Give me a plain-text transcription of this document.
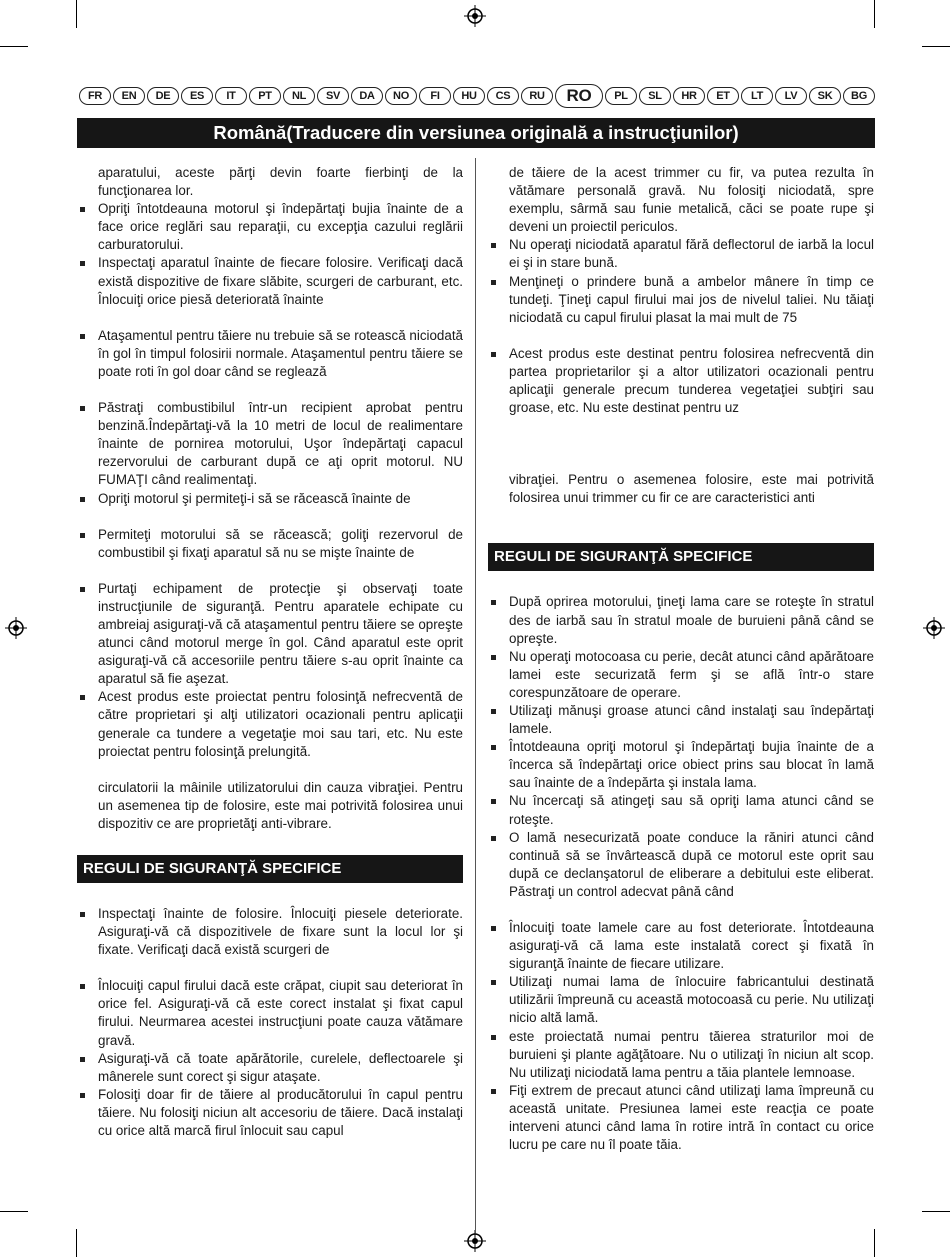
FR	EN	DE	ES	IT	PT	NL	SV	DA	NO	FI	HU	CS	RU	RO	PL	SL	HR	ET	LT	LV	SK	BG
Română(Traducere din versiunea originală a instrucţiunilor)
aparatului, aceste părţi devin foarte fierbinţi de la funcţionarea lor.
Opriţi întotdeauna motorul şi îndepărtaţi bujia înainte de a face orice reglări sau reparaţii, cu excepţia cazului reglării carburatorului.
Inspectaţi aparatul înainte de fiecare folosire. Verificaţi dacă există dispozitive de fixare slăbite, scurgeri de carburant, etc. Înlocuiţi orice piesă deteriorată înainte
Ataşamentul pentru tăiere nu trebuie să se rotească niciodată în gol în timpul folosirii normale. Ataşamentul pentru tăiere se poate roti în gol doar când se reglează
Păstraţi combustibilul într-un recipient aprobat pentru benzină.Îndepărtaţi-vă la 10 metri de locul de realimentare înainte de pornirea motorului, Uşor îndepărtaţi capacul rezervorului de carburant după ce aţi oprit motorul. NU FUMAŢI când realimentaţi.
Opriţi motorul şi permiteţi-i să se răcească înainte de
Permiteţi motorului să se răcească; goliţi rezervorul de combustibil şi fixaţi aparatul să nu se mişte înainte de
Purtaţi echipament de protecţie şi observaţi toate instrucţiunile de siguranţă. Pentru aparatele echipate cu ambreiaj asiguraţi-vă că ataşamentul pentru tăiere se opreşte atunci când motorul merge în gol. Când aparatul este oprit asiguraţi-vă că accesoriile pentru tăiere s-au oprit înainte ca aparatul să fie aşezat.
Acest produs este proiectat pentru folosinţă nefrecventă de către proprietari şi alţi utilizatori ocazionali pentru aplicaţii generale ca tundere a vegetaţie moi sau tari, etc. Nu este proiectat pentru folosinţă prelungită.
circulatorii la mâinile utilizatorului din cauza vibraţiei. Pentru un asemenea tip de folosire, este mai potrivită folosirea unui dispozitiv ce are proprietăţi anti-vibrare.
REGULI DE SIGURANŢĂ SPECIFICE
Inspectaţi înainte de folosire. Înlocuiţi piesele deteriorate. Asiguraţi-vă că dispozitivele de fixare sunt la locul lor şi fixate. Verificaţi dacă există scurgeri de
Înlocuiţi capul firului dacă este crăpat, ciupit sau deteriorat în orice fel. Asiguraţi-vă că este corect instalat şi fixat capul firului. Neurmarea acestei instrucţiuni poate cauza vătămare gravă.
Asiguraţi-vă că toate apărătorile, curelele, deflectoarele şi mânerele sunt corect şi sigur ataşate.
Folosiţi doar fir de tăiere al producătorului în capul pentru tăiere. Nu folosiţi niciun alt accesoriu de tăiere. Dacă instalaţi cu orice altă marcă firul înlocuit sau capul
de tăiere de la acest trimmer cu fir, va putea rezulta în vătămare personală gravă. Nu folosiţi niciodată, spre exemplu, sârmă sau funie metalică, căci se poate rupe şi deveni un proiectil periculos.
Nu operaţi niciodată aparatul fără deflectorul de iarbă la locul ei şi in stare bună.
Menţineţi o prindere bună a ambelor mânere în timp ce tundeţi. Ţineţi capul firului mai jos de nivelul taliei. Nu tăiaţi niciodată cu capul firului plasat la mai mult de 75
Acest produs este destinat pentru folosirea nefrecventă din partea proprietarilor şi a altor utilizatori ocazionali pentru aplicaţii generale precum tunderea vegetaţiei subţiri sau groase, etc. Nu este destinat pentru uz
vibraţiei. Pentru o asemenea folosire, este mai potrivită folosirea unui trimmer cu fir ce are caracteristici anti
REGULI DE SIGURANŢĂ SPECIFICE
După oprirea motorului, ţineţi lama care se roteşte în stratul des de iarbă sau în stratul moale de buruieni până când se opreşte.
Nu operaţi motocoasa cu perie, decât atunci când apărătoare lamei este securizată ferm şi se află într-o stare corespunzătoare de operare.
Utilizaţi mănuşi groase atunci când instalaţi sau îndepărtaţi lamele.
Întotdeauna opriţi motorul şi îndepărtaţi bujia înainte de a încerca să îndepărtaţi orice obiect prins sau blocat în lamă sau înainte de a îndepărta şi instala lama.
Nu încercaţi să atingeţi sau să opriţi lama atunci când se roteşte.
O lamă nesecurizată poate conduce la răniri atunci când continuă să se învârtească după ce motorul este oprit sau după ce declanşatorul de eliberare a debitului este eliberat. Păstraţi un control adecvat până când
Înlocuiţi toate lamele care au fost deteriorate. Întotdeauna asiguraţi-vă că lama este instalată corect şi fixată în siguranţă înainte de fiecare utilizare.
Utilizaţi numai lama de înlocuire fabricantului destinată utilizării împreună cu această motocoasă cu perie. Nu utilizaţi nicio altă lamă.
este proiectată numai pentru tăierea straturilor moi de buruieni şi plante agăţătoare. Nu o utilizaţi în niciun alt scop. Nu utilizaţi niciodată lama pentru a tăia plantele lemnoase.
Fiţi extrem de precaut atunci când utilizaţi lama împreună cu această unitate. Presiunea lamei este reacţia ce poate interveni atunci când lama în rotire intră în contact cu orice lucru pe care nu îl poate tăia.
